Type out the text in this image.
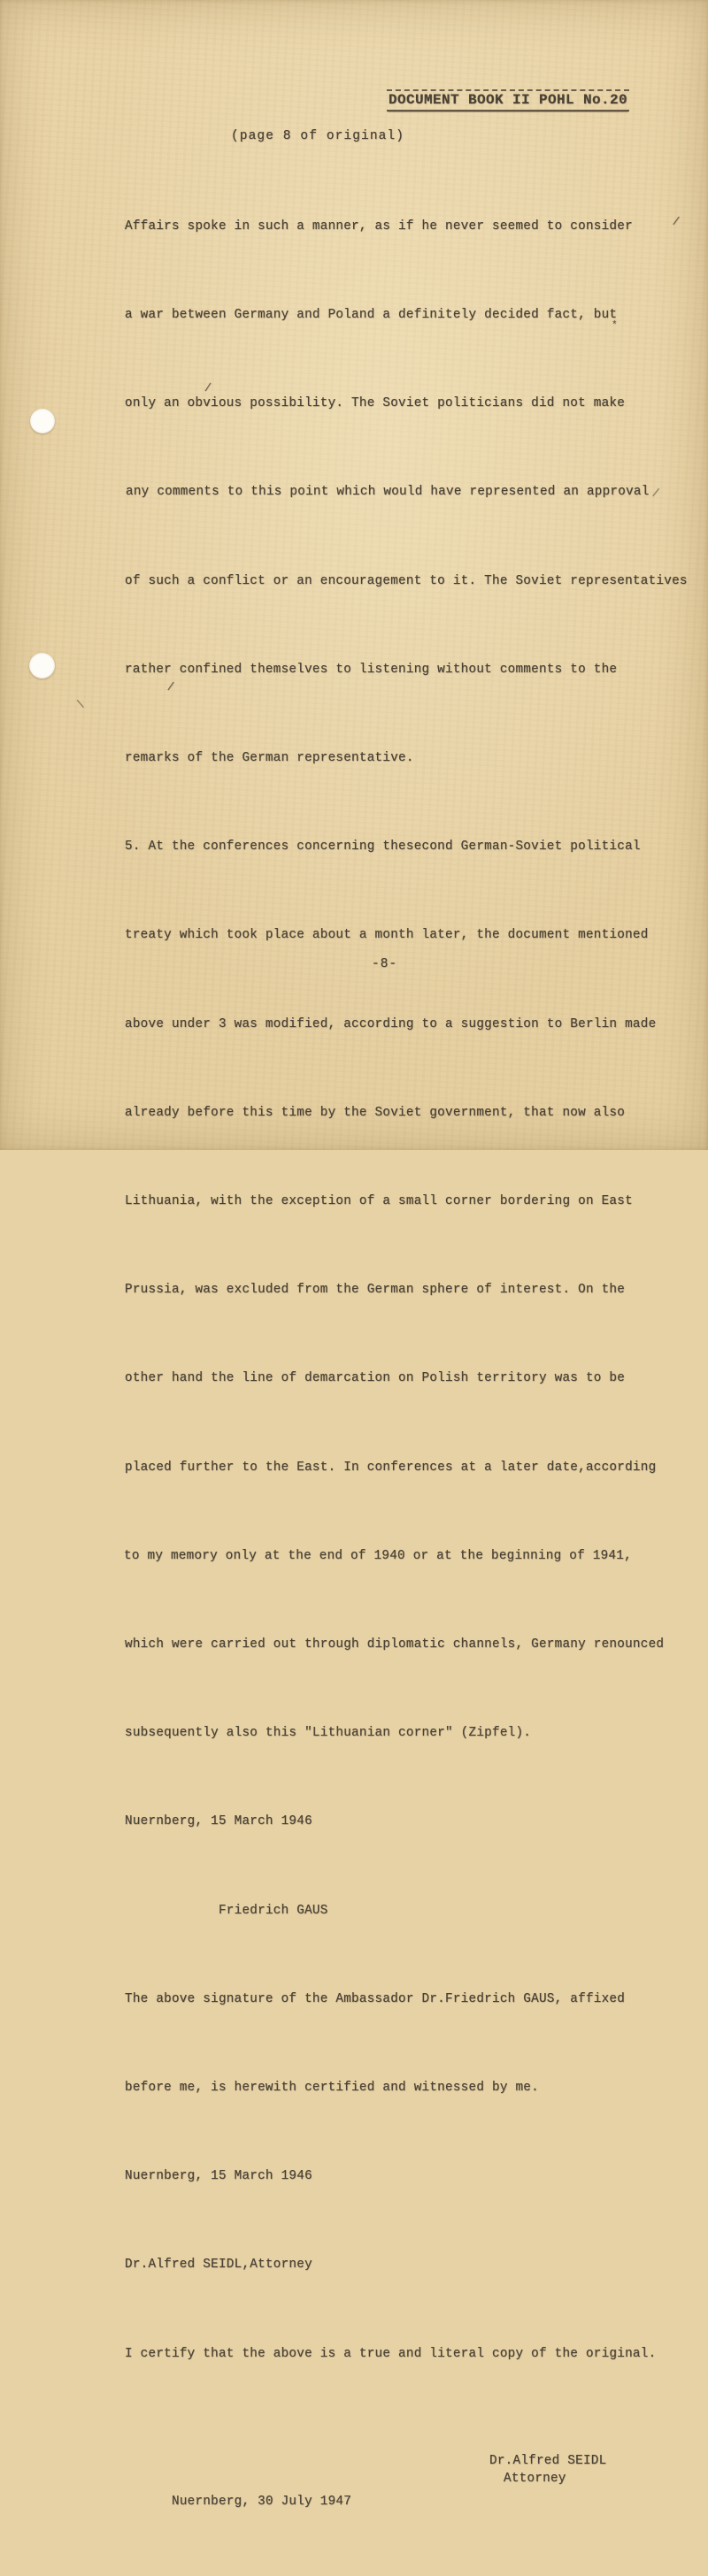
DOCUMENT BOOK II POHL No.20
(page 8 of original)

Affairs spoke in such a manner, as if he never seemed to consider

a war between Germany and Poland a definitely decided fact, but

only an obvious possibility. The Soviet politicians did not make

any comments to this point which would have represented an approval

of such a conflict or an encouragement to it. The Soviet representatives

rather confined themselves to listening without comments to the

remarks of the German representative.

5. At the conferences concerning thesecond German-Soviet political

treaty which took place about a month later, the document mentioned

above under 3 was modified, according to a suggestion to Berlin made

already before this time by the Soviet government, that now also

Lithuania, with the exception of a small corner bordering on East

Prussia, was excluded from the German sphere of interest. On the

other hand the line of demarcation on Polish territory was to be

placed further to the East. In conferences at a later date,according

to my memory only at the end of 1940 or at the beginning of 1941,

which were carried out through diplomatic channels, Germany renounced

subsequently also this "Lithuanian corner" (Zipfel).

Nuernberg, 15 March 1946

Friedrich GAUS

The above signature of the Ambassador Dr.Friedrich GAUS, affixed

before me, is herewith certified and witnessed by me.

Nuernberg, 15 March 1946

Dr.Alfred SEIDL,Attorney

I certify that the above is a true and literal copy of the original.

Nuernberg, 30 July 1947

Dr.Alfred SEIDL
Attorney

-8-
/
/
*
/
\
/
